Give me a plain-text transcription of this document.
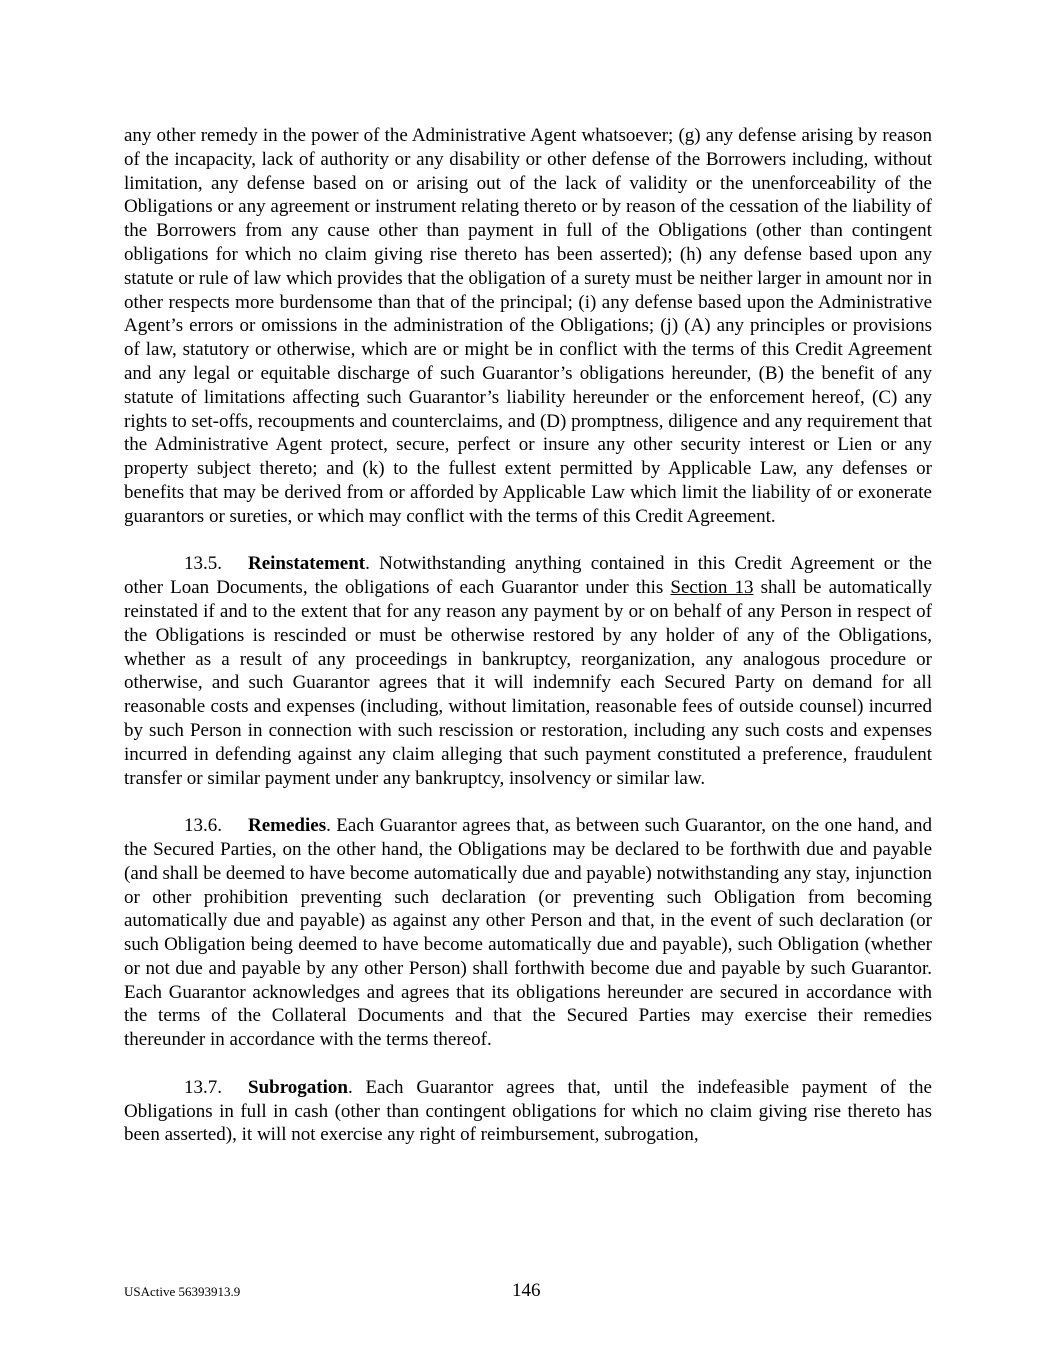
any other remedy in the power of the Administrative Agent whatsoever; (g) any defense arising by reason of the incapacity, lack of authority or any disability or other defense of the Borrowers including, without limitation, any defense based on or arising out of the lack of validity or the unenforceability of the Obligations or any agreement or instrument relating thereto or by reason of the cessation of the liability of the Borrowers from any cause other than payment in full of the Obligations (other than contingent obligations for which no claim giving rise thereto has been asserted); (h) any defense based upon any statute or rule of law which provides that the obligation of a surety must be neither larger in amount nor in other respects more burdensome than that of the principal; (i) any defense based upon the Administrative Agent’s errors or omissions in the administration of the Obligations; (j) (A) any principles or provisions of law, statutory or otherwise, which are or might be in conflict with the terms of this Credit Agreement and any legal or equitable discharge of such Guarantor’s obligations hereunder, (B) the benefit of any statute of limitations affecting such Guarantor’s liability hereunder or the enforcement hereof, (C) any rights to set-offs, recoupments and counterclaims, and (D) promptness, diligence and any requirement that the Administrative Agent protect, secure, perfect or insure any other security interest or Lien or any property subject thereto; and (k) to the fullest extent permitted by Applicable Law, any defenses or benefits that may be derived from or afforded by Applicable Law which limit the liability of or exonerate guarantors or sureties, or which may conflict with the terms of this Credit Agreement.

13.5. Reinstatement. Notwithstanding anything contained in this Credit Agreement or the other Loan Documents, the obligations of each Guarantor under this Section 13 shall be automatically reinstated if and to the extent that for any reason any payment by or on behalf of any Person in respect of the Obligations is rescinded or must be otherwise restored by any holder of any of the Obligations, whether as a result of any proceedings in bankruptcy, reorganization, any analogous procedure or otherwise, and such Guarantor agrees that it will indemnify each Secured Party on demand for all reasonable costs and expenses (including, without limitation, reasonable fees of outside counsel) incurred by such Person in connection with such rescission or restoration, including any such costs and expenses incurred in defending against any claim alleging that such payment constituted a preference, fraudulent transfer or similar payment under any bankruptcy, insolvency or similar law.

13.6. Remedies. Each Guarantor agrees that, as between such Guarantor, on the one hand, and the Secured Parties, on the other hand, the Obligations may be declared to be forthwith due and payable (and shall be deemed to have become automatically due and payable) notwithstanding any stay, injunction or other prohibition preventing such declaration (or preventing such Obligation from becoming automatically due and payable) as against any other Person and that, in the event of such declaration (or such Obligation being deemed to have become automatically due and payable), such Obligation (whether or not due and payable by any other Person) shall forthwith become due and payable by such Guarantor. Each Guarantor acknowledges and agrees that its obligations hereunder are secured in accordance with the terms of the Collateral Documents and that the Secured Parties may exercise their remedies thereunder in accordance with the terms thereof.

13.7. Subrogation. Each Guarantor agrees that, until the indefeasible payment of the Obligations in full in cash (other than contingent obligations for which no claim giving rise thereto has been asserted), it will not exercise any right of reimbursement, subrogation,

USActive 56393913.9	146
